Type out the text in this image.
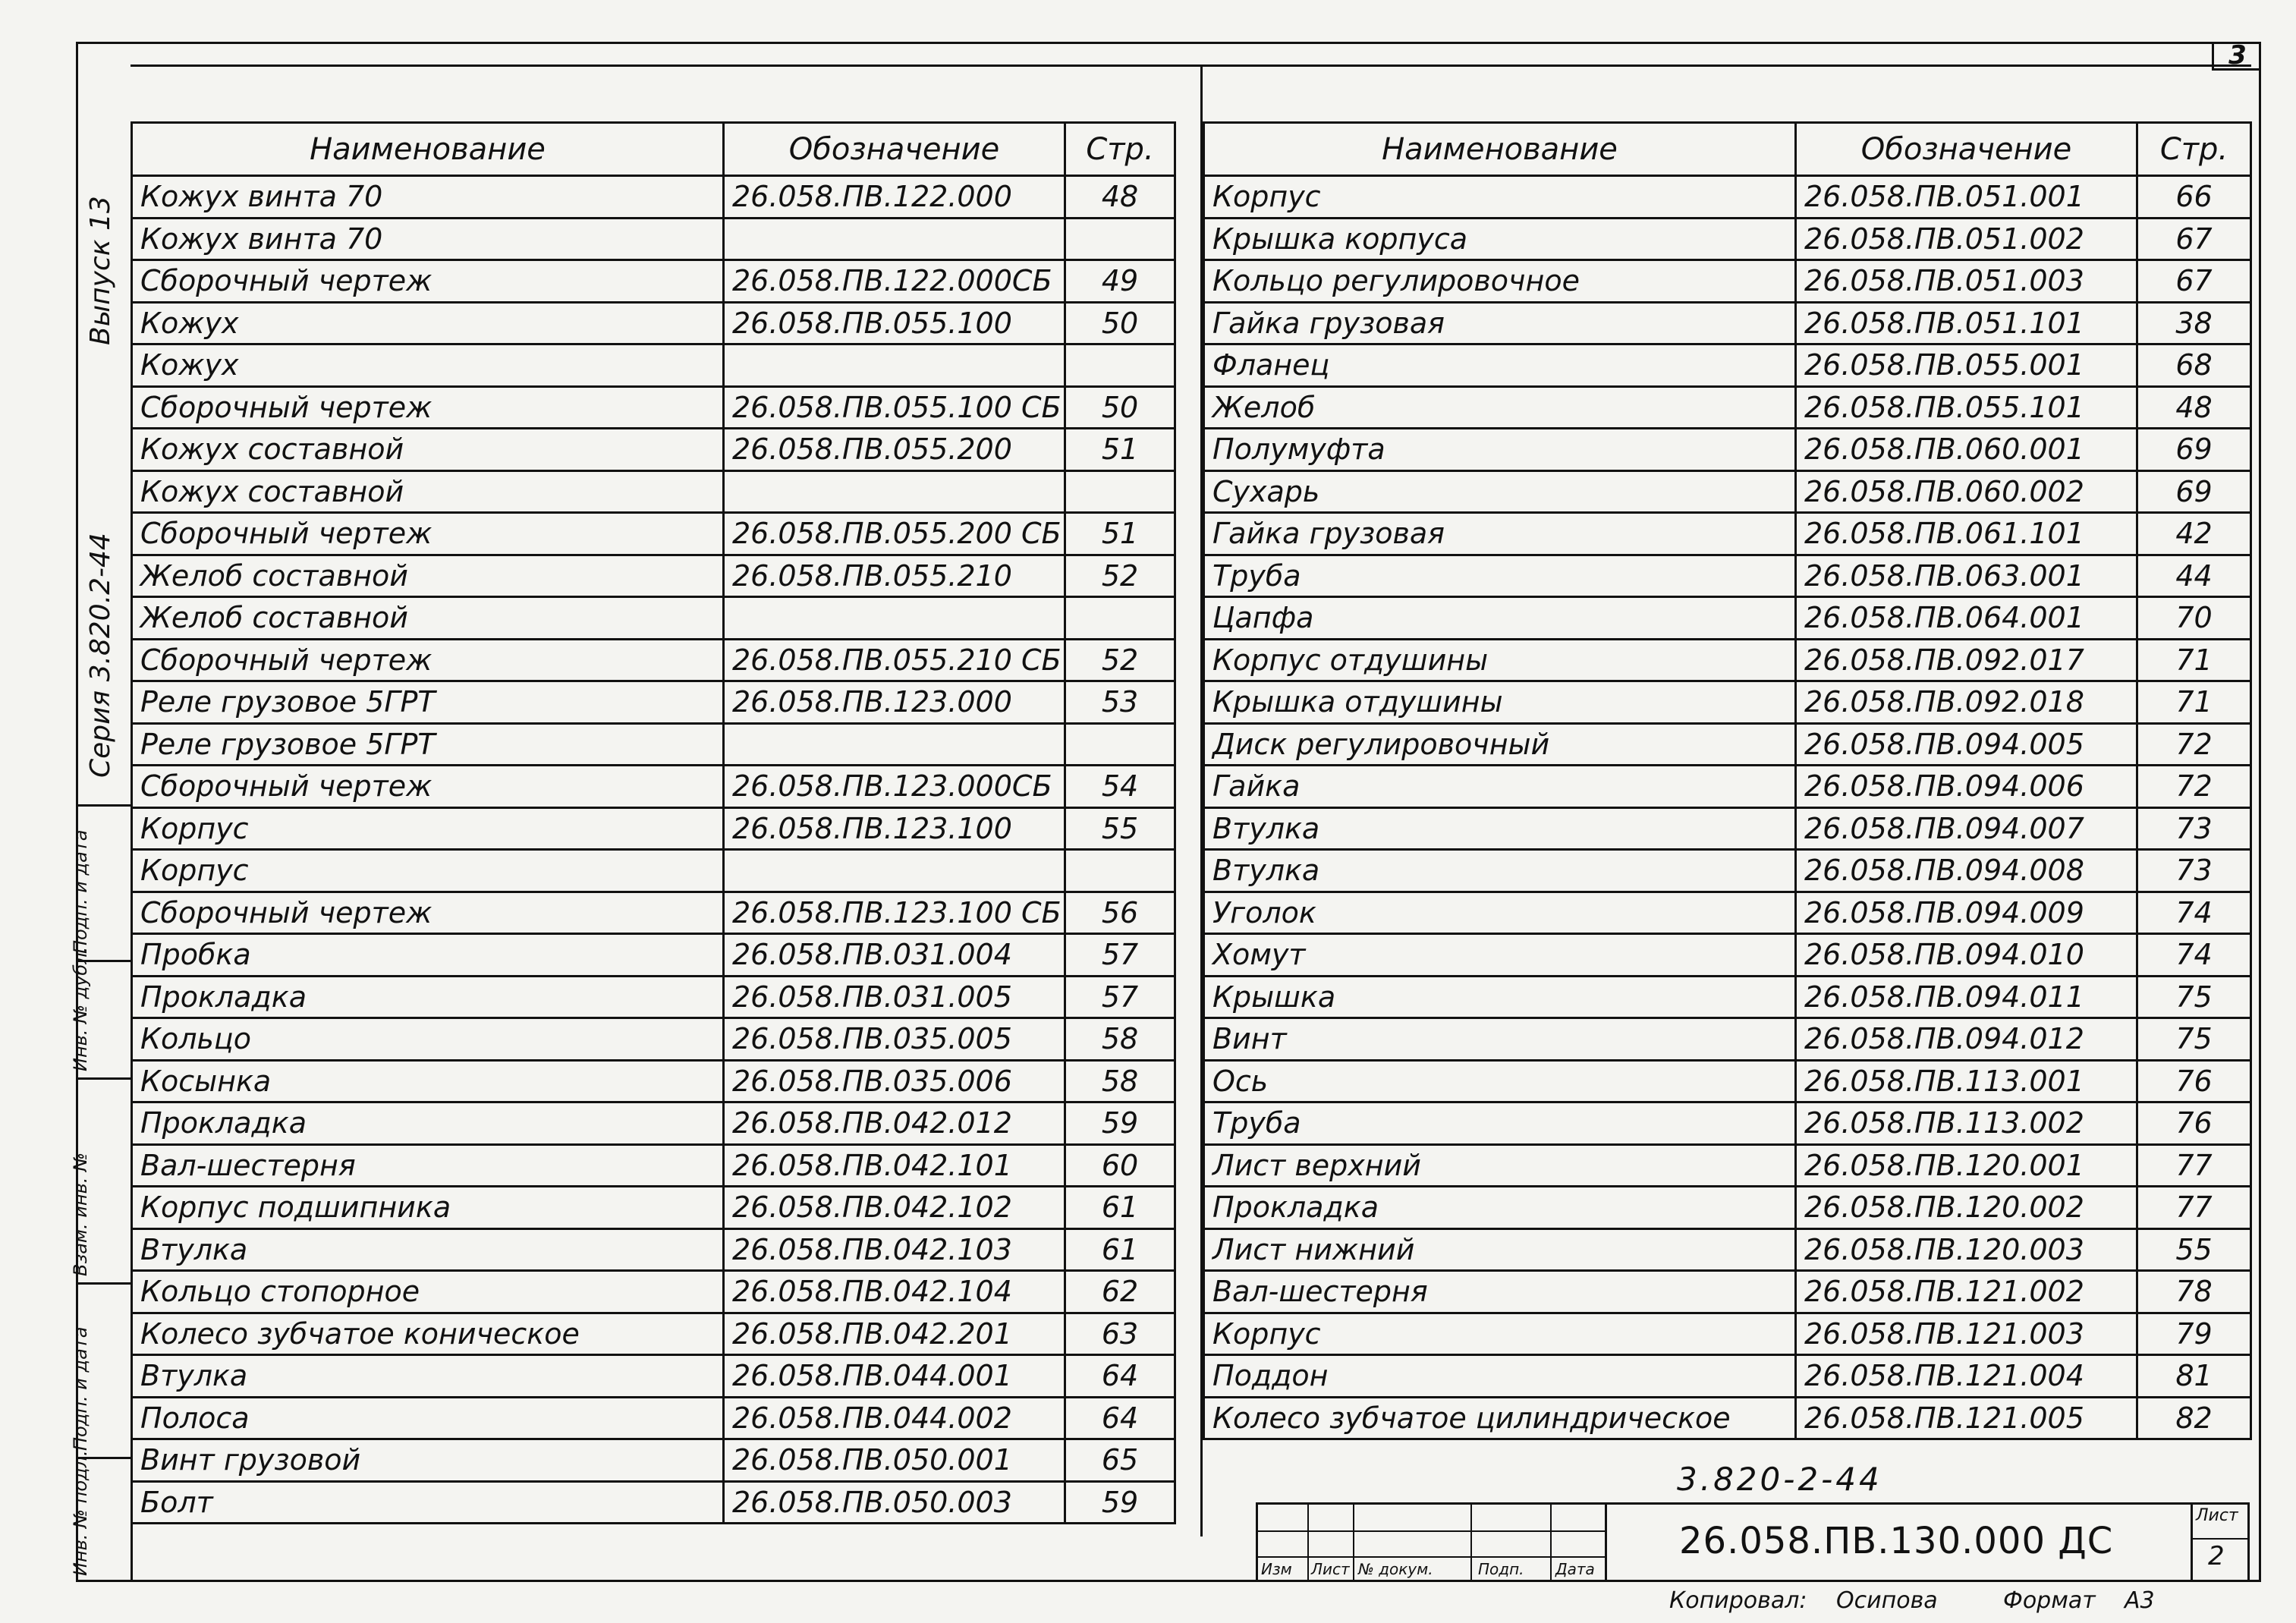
3
Выпуск 13
Серия 3.820.2-44
Подп. и дата
Инв. № дубл.
Взам. инв. №
Подп. и дата
Инв. № подл.
Наименование	Обозначение	Стр.
Кожух винта 70	26.058.ПВ.122.000	48
Кожух винта 70		
Сборочный чертеж	26.058.ПВ.122.000СБ	49
Кожух	26.058.ПВ.055.100	50
Кожух		
Сборочный чертеж	26.058.ПВ.055.100 СБ	50
Кожух составной	26.058.ПВ.055.200	51
Кожух составной		
Сборочный чертеж	26.058.ПВ.055.200 СБ	51
Желоб составной	26.058.ПВ.055.210	52
Желоб составной		
Сборочный чертеж	26.058.ПВ.055.210 СБ	52
Реле грузовое 5ГРТ	26.058.ПВ.123.000	53
Реле грузовое 5ГРТ		
Сборочный чертеж	26.058.ПВ.123.000СБ	54
Корпус	26.058.ПВ.123.100	55
Корпус		
Сборочный чертеж	26.058.ПВ.123.100 СБ	56
Пробка	26.058.ПВ.031.004	57
Прокладка	26.058.ПВ.031.005	57
Кольцо	26.058.ПВ.035.005	58
Косынка	26.058.ПВ.035.006	58
Прокладка	26.058.ПВ.042.012	59
Вал-шестерня	26.058.ПВ.042.101	60
Корпус подшипника	26.058.ПВ.042.102	61
Втулка	26.058.ПВ.042.103	61
Кольцо стопорное	26.058.ПВ.042.104	62
Колесо зубчатое коническое	26.058.ПВ.042.201	63
Втулка	26.058.ПВ.044.001	64
Полоса	26.058.ПВ.044.002	64
Винт грузовой	26.058.ПВ.050.001	65
Болт	26.058.ПВ.050.003	59
Наименование	Обозначение	Стр.
Корпус	26.058.ПВ.051.001	66
Крышка корпуса	26.058.ПВ.051.002	67
Кольцо регулировочное	26.058.ПВ.051.003	67
Гайка грузовая	26.058.ПВ.051.101	38
Фланец	26.058.ПВ.055.001	68
Желоб	26.058.ПВ.055.101	48
Полумуфта	26.058.ПВ.060.001	69
Сухарь	26.058.ПВ.060.002	69
Гайка грузовая	26.058.ПВ.061.101	42
Труба	26.058.ПВ.063.001	44
Цапфа	26.058.ПВ.064.001	70
Корпус отдушины	26.058.ПВ.092.017	71
Крышка отдушины	26.058.ПВ.092.018	71
Диск регулировочный	26.058.ПВ.094.005	72
Гайка	26.058.ПВ.094.006	72
Втулка	26.058.ПВ.094.007	73
Втулка	26.058.ПВ.094.008	73
Уголок	26.058.ПВ.094.009	74
Хомут	26.058.ПВ.094.010	74
Крышка	26.058.ПВ.094.011	75
Винт	26.058.ПВ.094.012	75
Ось	26.058.ПВ.113.001	76
Труба	26.058.ПВ.113.002	76
Лист верхний	26.058.ПВ.120.001	77
Прокладка	26.058.ПВ.120.002	77
Лист нижний	26.058.ПВ.120.003	55
Вал-шестерня	26.058.ПВ.121.002	78
Корпус	26.058.ПВ.121.003	79
Поддон	26.058.ПВ.121.004	81
Колесо зубчатое цилиндрическое	26.058.ПВ.121.005	82
3.820-2-44
Изм Лист № докум.	Подп. Дата
26.058.ПВ.130.000 ДС
Лист
2
Копировал: Осипова	Формат А3
